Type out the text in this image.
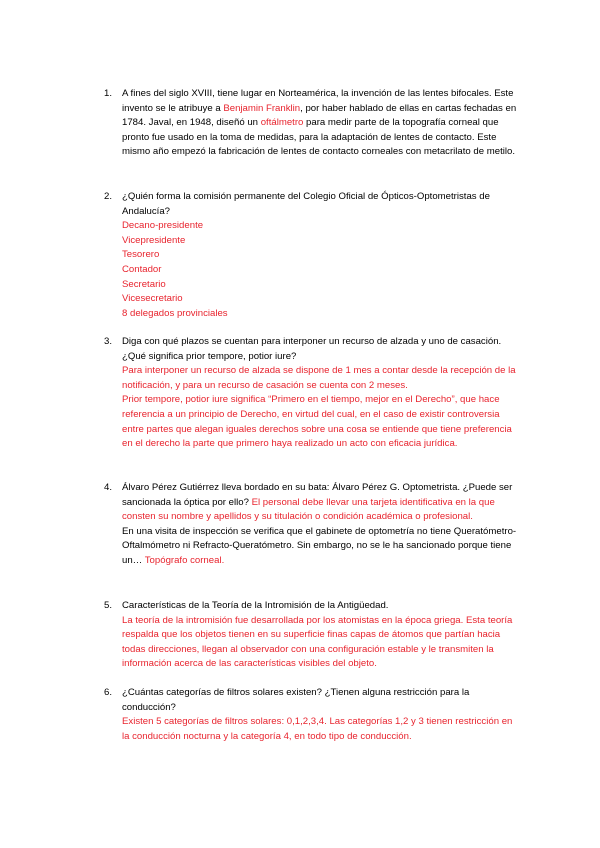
1.	A fines del siglo XVIII, tiene lugar en Norteamérica, la invención de las lentes bifocales. Este invento se le atribuye a Benjamin Franklin, por haber hablado de ellas en cartas fechadas en 1784. Javal, en 1948, diseñó un oftálmetro para medir parte de la topografía corneal que pronto fue usado en la toma de medidas, para la adaptación de lentes de contacto. Este mismo año empezó la fabricación de lentes de contacto corneales con metacrilato de metilo.
2.	¿Quién forma la comisión permanente del Colegio Oficial de Ópticos-Optometristas de Andalucía?

Decano-presidente
Vicepresidente
Tesorero
Contador
Secretario
Vicesecretario
8 delegados provinciales
3.	Diga con qué plazos se cuentan para interponer un recurso de alzada y uno de casación. ¿Qué significa prior tempore, potior iure?

Para interponer un recurso de alzada se dispone de 1 mes a contar desde la recepción de la notificación, y para un recurso de casación se cuenta con 2 meses.

Prior tempore, potior iure significa “Primero en el tiempo, mejor en el Derecho”, que hace referencia a un principio de Derecho, en virtud del cual, en el caso de existir controversia entre partes que alegan iguales derechos sobre una cosa se entiende que tiene preferencia en el derecho la parte que primero haya realizado un acto con eficacia jurídica.

4.	Álvaro Pérez Gutiérrez lleva bordado en su bata: Álvaro Pérez G. Optometrista. ¿Puede ser sancionada la óptica por ello? El personal debe llevar una tarjeta identificativa en la que consten su nombre y apellidos y su titulación o condición académica o profesional.

En una visita de inspección se verifica que el gabinete de optometría no tiene Queratómetro-Oftalmómetro ni Refracto-Queratómetro. Sin embargo, no se le ha sancionado porque tiene un… Topógrafo corneal.

5.	Características de la Teoría de la Intromisión de la Antigüedad.

La teoría de la intromisión fue desarrollada por los atomistas en la época griega. Esta teoría respalda que los objetos tienen en su superficie finas capas de átomos que partían hacia todas direcciones, llegan al observador con una configuración estable y le transmiten la información acerca de las características visibles del objeto.

6.	¿Cuántas categorías de filtros solares existen? ¿Tienen alguna restricción para la conducción?

Existen 5 categorías de filtros solares: 0,1,2,3,4. Las categorías 1,2 y 3 tienen restricción en la conducción nocturna y la categoría 4, en todo tipo de conducción.
